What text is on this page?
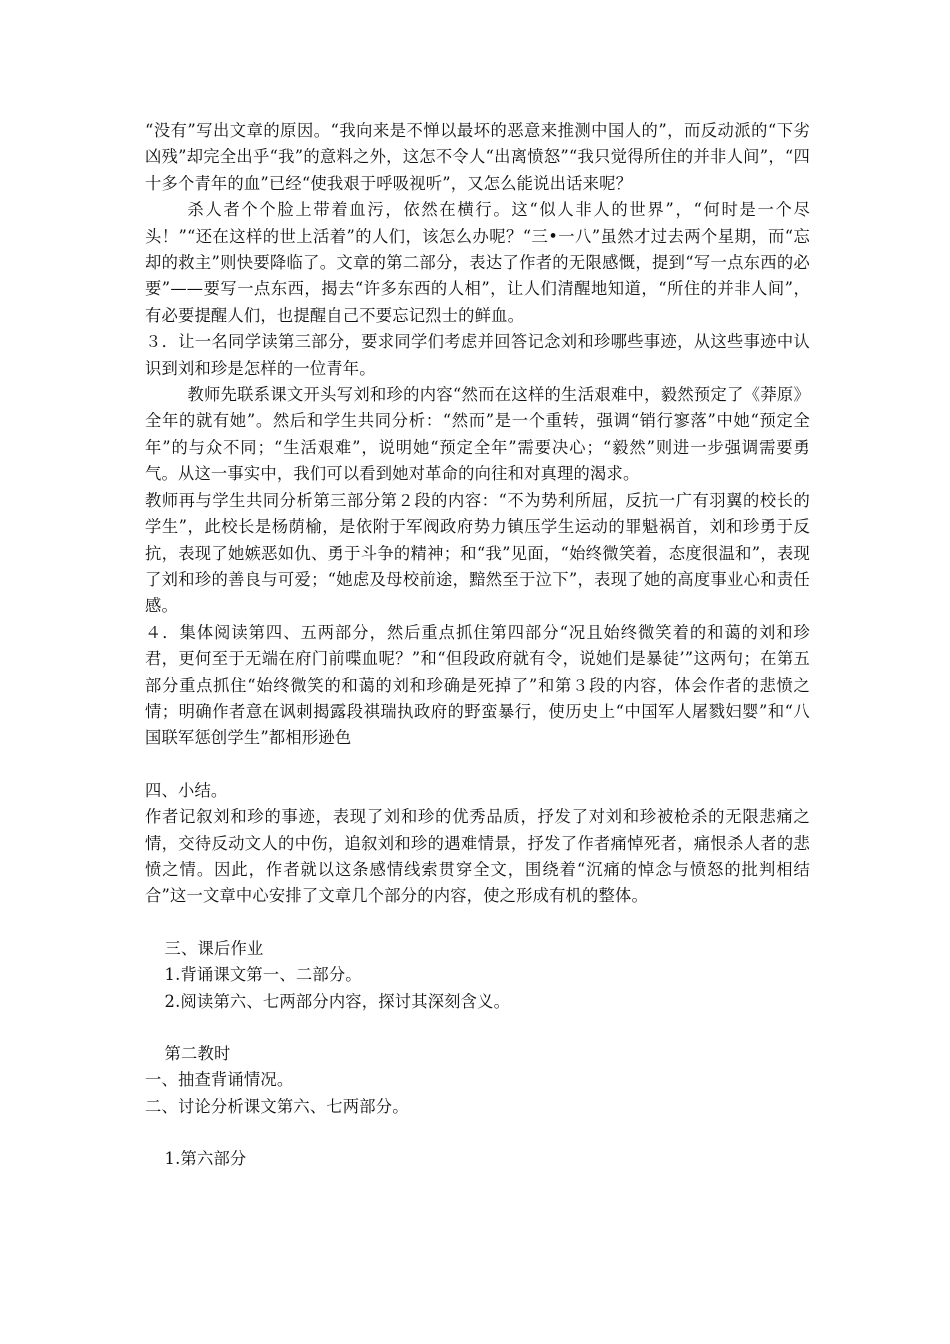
“没有”写出文章的原因。“我向来是不惮以最坏的恶意来推测中国人的”，而反动派的“下劣凶残”却完全出乎“我”的意料之外，这怎不令人“出离愤怒”“我只觉得所住的并非人间”，“四十多个青年的血”已经“使我艰于呼吸视听”，又怎么能说出话来呢？

杀人者个个脸上带着血污，依然在横行。这“似人非人的世界”，“何时是一个尽头！”“还在这样的世上活着”的人们，该怎么办呢？“三•一八”虽然才过去两个星期，而“忘却的救主”则快要降临了。文章的第二部分，表达了作者的无限感慨，提到“写一点东西的必要”——要写一点东西，揭去“许多东西的人相”，让人们清醒地知道，“所住的并非人间”，有必要提醒人们，也提醒自己不要忘记烈士的鲜血。

３．让一名同学读第三部分，要求同学们考虑并回答记念刘和珍哪些事迹，从这些事迹中认识到刘和珍是怎样的一位青年。

教师先联系课文开头写刘和珍的内容“然而在这样的生活艰难中，毅然预定了《莽原》全年的就有她”。然后和学生共同分析：“然而”是一个重转，强调“销行寥落”中她“预定全年”的与众不同；“生活艰难”，说明她“预定全年”需要决心；“毅然”则进一步强调需要勇气。从这一事实中，我们可以看到她对革命的向往和对真理的渴求。

教师再与学生共同分析第三部分第２段的内容：“不为势利所屈，反抗一广有羽翼的校长的学生”，此校长是杨荫榆，是依附于军阀政府势力镇压学生运动的罪魁祸首，刘和珍勇于反抗，表现了她嫉恶如仇、勇于斗争的精神；和“我”见面，“始终微笑着，态度很温和”，表现了刘和珍的善良与可爱；“她虑及母校前途，黯然至于泣下”，表现了她的高度事业心和责任感。

４．集体阅读第四、五两部分，然后重点抓住第四部分“况且始终微笑着的和蔼的刘和珍君，更何至于无端在府门前喋血呢？”和“但段政府就有令，说她们是暴徒’”这两句；在第五部分重点抓住“始终微笑的和蔼的刘和珍确是死掉了”和第３段的内容，体会作者的悲愤之情；明确作者意在讽刺揭露段祺瑞执政府的野蛮暴行，使历史上“中国军人屠戮妇婴”和“八国联军惩创学生”都相形逊色

四、小结。

作者记叙刘和珍的事迹，表现了刘和珍的优秀品质，抒发了对刘和珍被枪杀的无限悲痛之情，交待反动文人的中伤，追叙刘和珍的遇难情景，抒发了作者痛悼死者，痛恨杀人者的悲愤之情。因此，作者就以这条感情线索贯穿全文，围绕着“沉痛的悼念与愤怒的批判相结合”这一文章中心安排了文章几个部分的内容，使之形成有机的整体。

三、课后作业

1.背诵课文第一、二部分。

2.阅读第六、七两部分内容，探讨其深刻含义。

第二教时

一、抽查背诵情况。

二、讨论分析课文第六、七两部分。

1.第六部分
